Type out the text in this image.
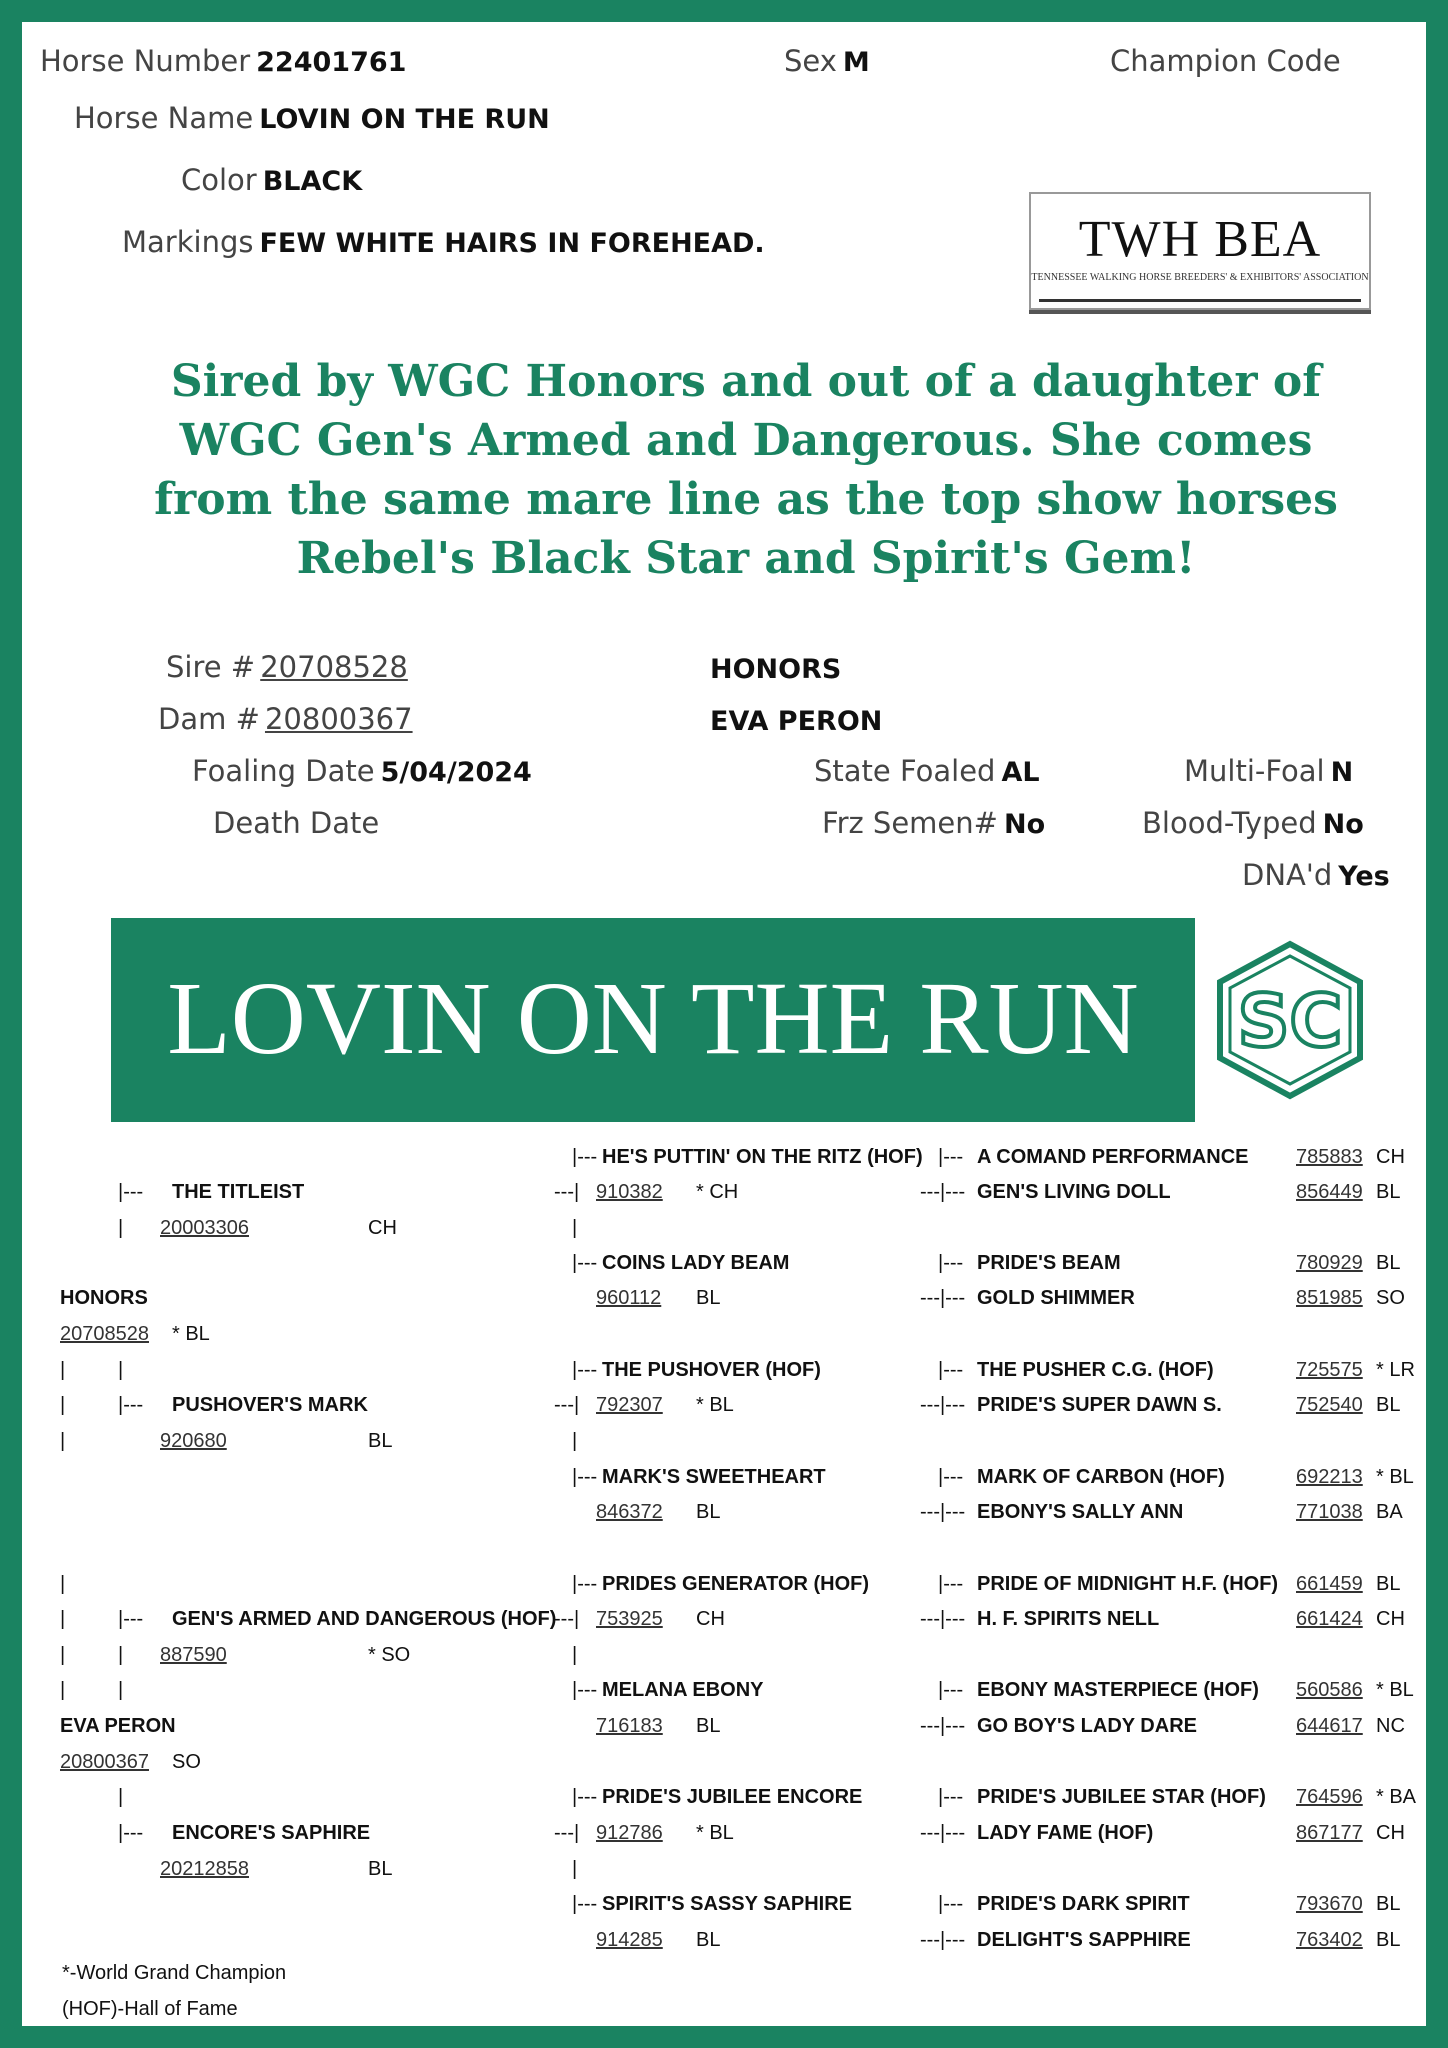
Horse Number 22401761	Sex M	Champion Code
Horse Name LOVIN ON THE RUN
Color BLACK
Markings FEW WHITE HAIRS IN FOREHEAD.	TWH BEA
TENNESSEE WALKING HORSE BREEDERS' & EXHIBITORS' ASSOCIATION
Sired by WGC Honors and out of a daughter of
WGC Gen's Armed and Dangerous. She comes
from the same mare line as the top show horses
Rebel's Black Star and Spirit's Gem!
Sire # 20708528	HONORS
Dam # 20800367	EVA PERON
Foaling Date 5/04/2024	State Foaled AL	Multi-Foal N
Death Date	Frz Semen# No	Blood-Typed No
DNA'd Yes
LOVIN ON THE RUN	SC
HONORS
20708528 * BL
EVA PERON
20800367 SO
THE TITLEIST
20003306	CH
PUSHOVER'S MARK
920680	BL
GEN'S ARMED AND DANGEROUS (HOF)
887590	* SO
ENCORE'S SAPHIRE
20212858	BL
HE'S PUTTIN' ON THE RITZ (HOF)
910382 * CH
COINS LADY BEAM
960112 BL
THE PUSHOVER (HOF)
792307 * BL
MARK'S SWEETHEART
846372 BL
PRIDES GENERATOR (HOF)
753925 CH
MELANA EBONY
716183 BL
PRIDE'S JUBILEE ENCORE
912786 * BL
SPIRIT'S SASSY SAPHIRE
914285 BL
A COMAND PERFORMANCE 785883 CH
GEN'S LIVING DOLL	856449 BL
PRIDE'S BEAM	780929 BL
GOLD SHIMMER	851985 SO
THE PUSHER C.G. (HOF)	725575 * LR
PRIDE'S SUPER DAWN S.	752540 BL
MARK OF CARBON (HOF)	692213 * BL
EBONY'S SALLY ANN	771038 BA
PRIDE OF MIDNIGHT H.F. (HOF) 661459 BL
H. F. SPIRITS NELL	661424 CH
EBONY MASTERPIECE (HOF) 560586 * BL
GO BOY'S LADY DARE	644617 NC
PRIDE'S JUBILEE STAR (HOF) 764596 * BA
LADY FAME (HOF)	867177 CH
PRIDE'S DARK SPIRIT	793670 BL
DELIGHT'S SAPPHIRE	763402 BL
|---
|
|	|
|	|---
|
|
|	|---
|	|
|	|
|
|---
|---
---|
|
|---
|---
---|
|
|---
|---
---|
|
|---
|---
---|
|
|---
|---
---|---
|---
---|---
|---
---|---
|---
---|---
|---
---|---
|---
---|---
|---
---|---
|---
---|---
*-World Grand Champion
(HOF)-Hall of Fame
